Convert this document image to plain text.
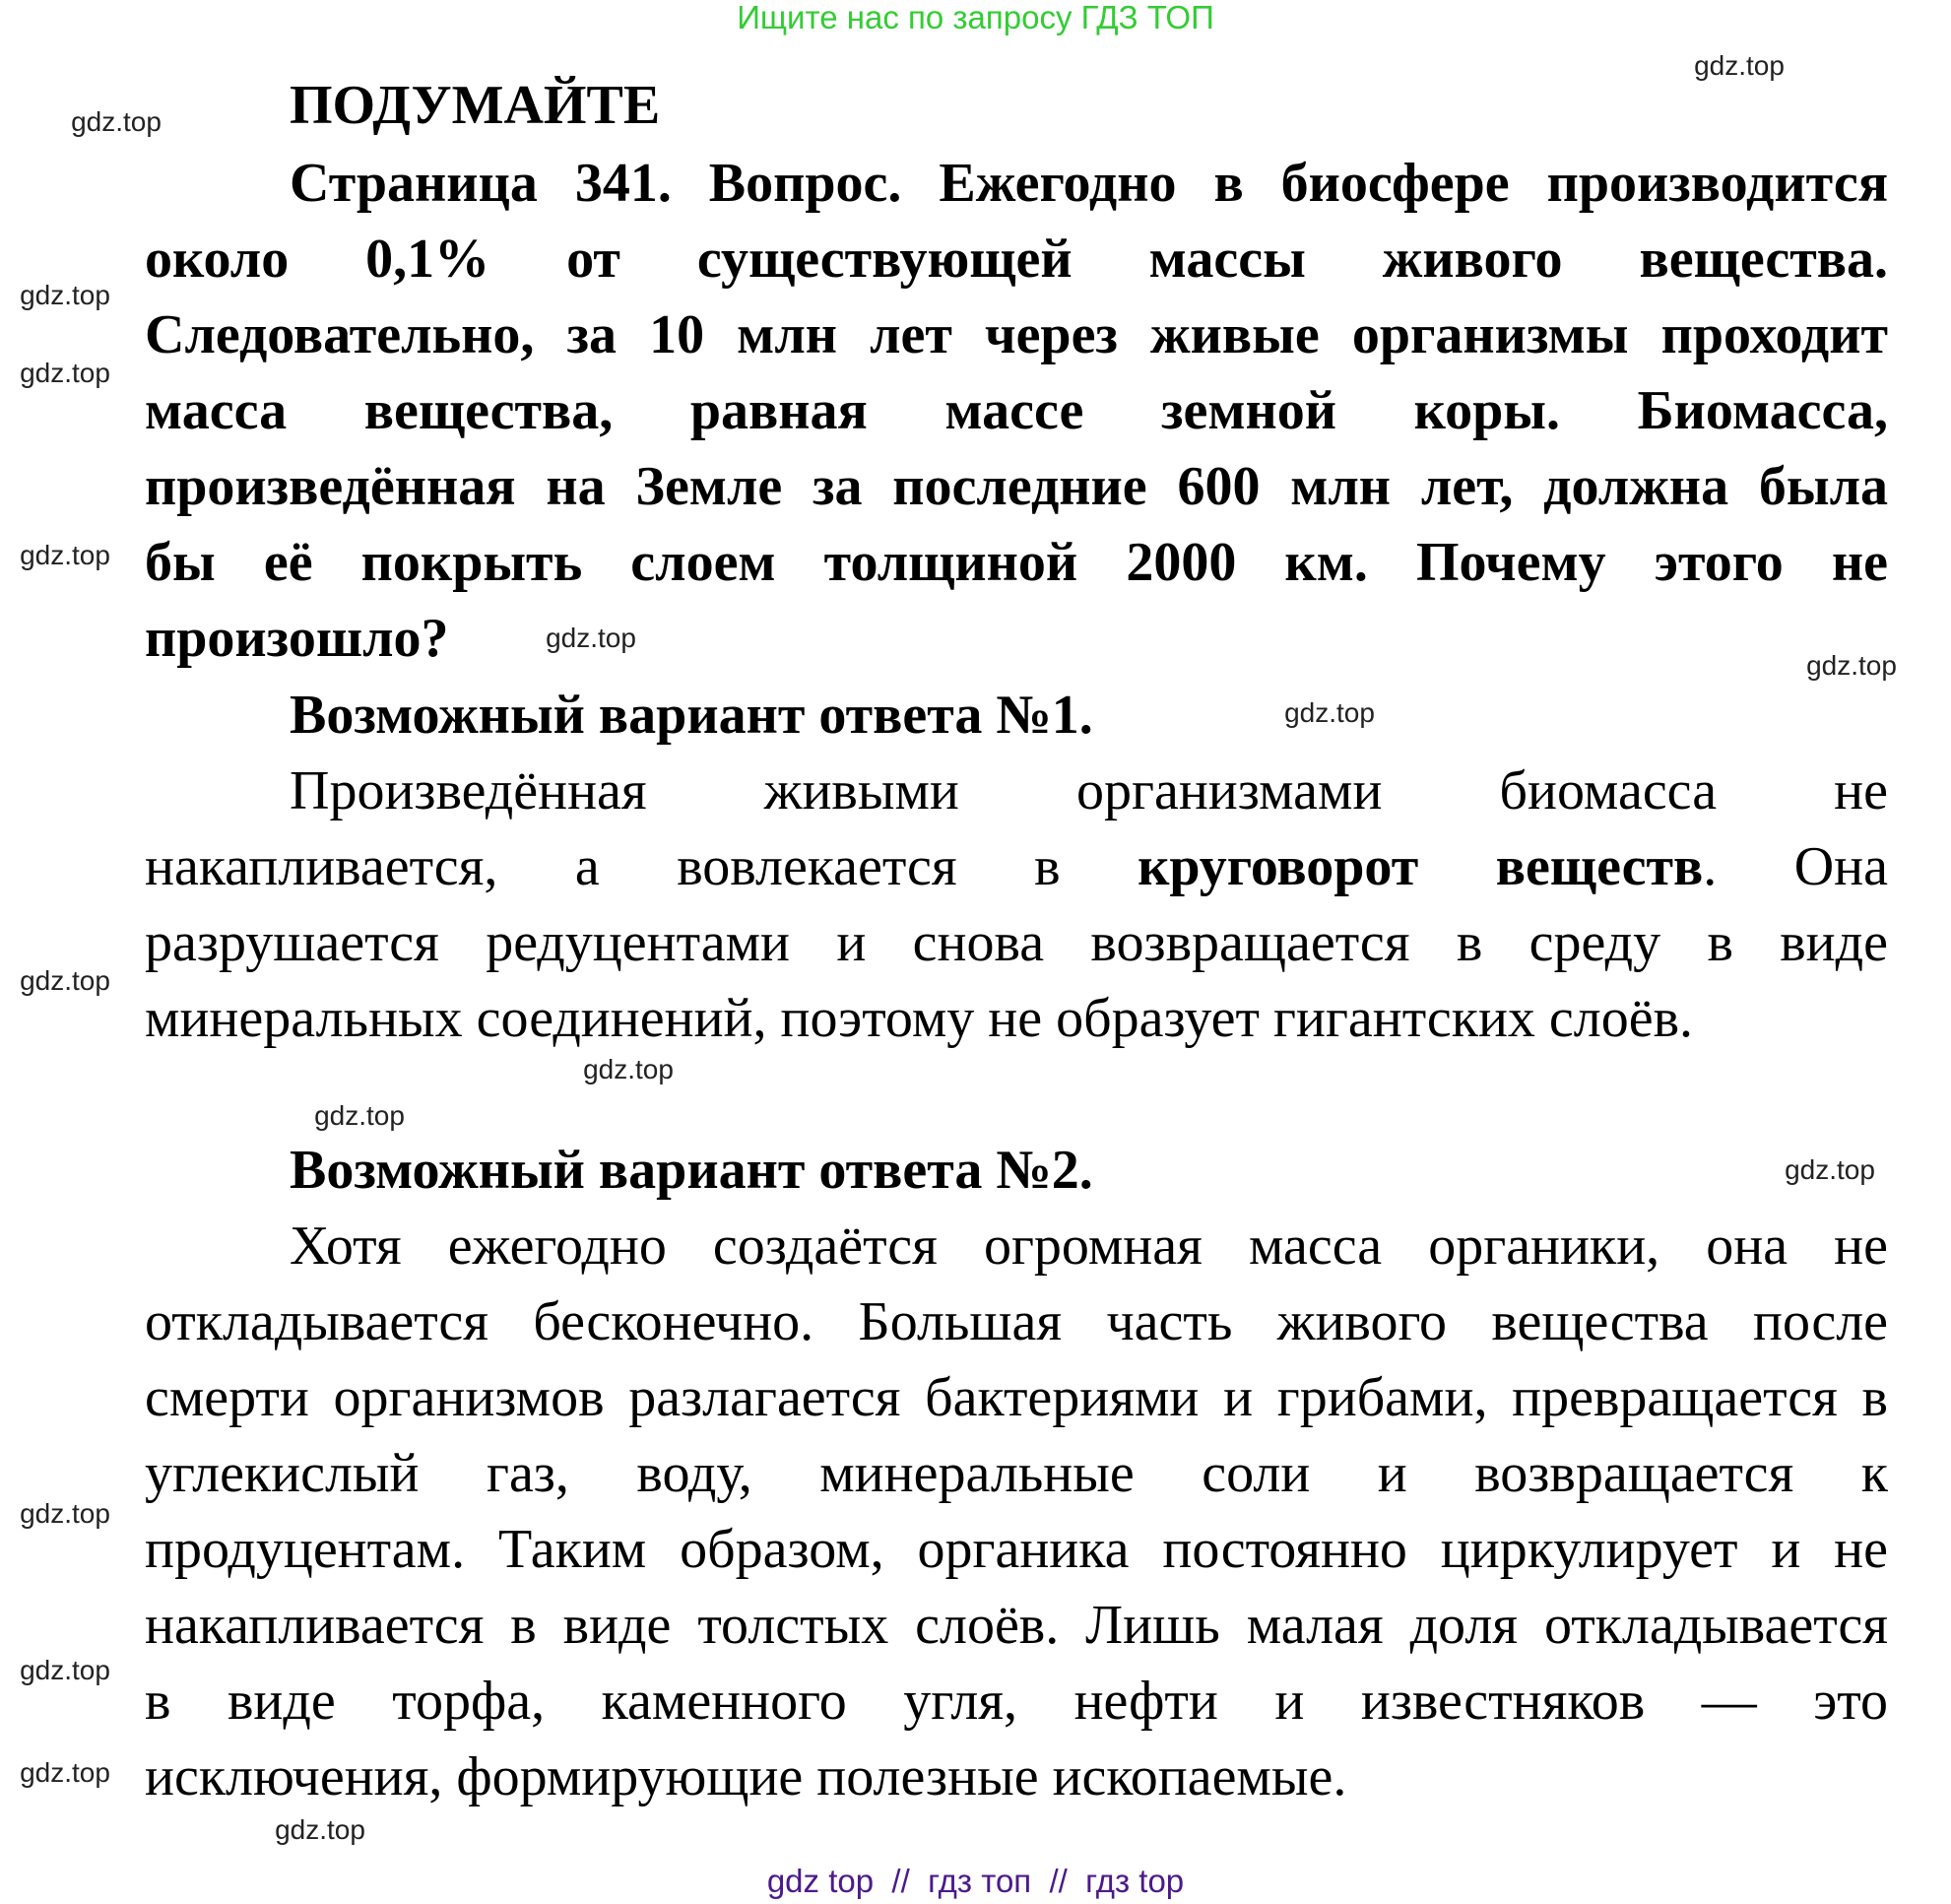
Ищите нас по запросу ГДЗ ТОП
ПОДУМАЙТЕ
Страница 341. Вопрос. Ежегодно в биосфере производится
около 0,1% от существующей массы живого вещества.
Следовательно, за 10 млн лет через живые организмы проходит
масса вещества, равная массе земной коры. Биомасса,
произведённая на Земле за последние 600 млн лет, должна была
бы её покрыть слоем толщиной 2000 км. Почему этого не
произошло?
Возможный вариант ответа №1.
Произведённая живыми организмами биомасса не
накапливается, а вовлекается в круговорот веществ. Она
разрушается редуцентами и снова возвращается в среду в виде
минеральных соединений, поэтому не образует гигантских слоёв.
Возможный вариант ответа №2.
Хотя ежегодно создаётся огромная масса органики, она не
откладывается бесконечно. Большая часть живого вещества после
смерти организмов разлагается бактериями и грибами, превращается в
углекислый газ, воду, минеральные соли и возвращается к
продуцентам. Таким образом, органика постоянно циркулирует и не
накапливается в виде толстых слоёв. Лишь малая доля откладывается
в виде торфа, каменного угля, нефти и известняков — это
исключения, формирующие полезные ископаемые.
gdz.top
gdz.top
gdz.top
gdz.top
gdz.top
gdz.top
gdz.top
gdz.top
gdz.top
gdz.top
gdz.top
gdz.top
gdz.top
gdz.top
gdz.top
gdz.top
gdz top  //  гдз топ  //  гдз top
